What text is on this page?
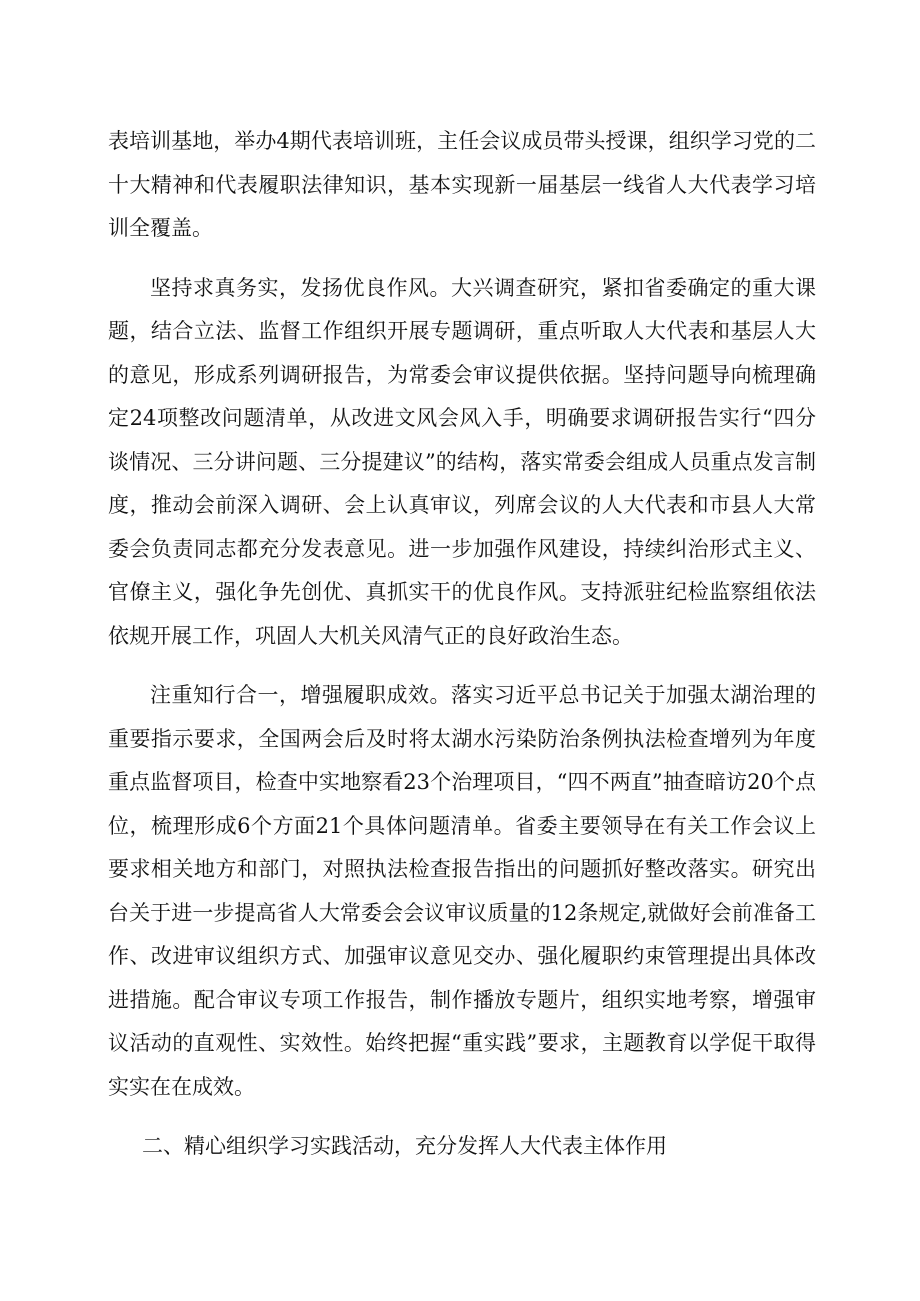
表培训基地，举办4期代表培训班，主任会议成员带头授课，组织学习党的二十大精神和代表履职法律知识，基本实现新一届基层一线省人大代表学习培训全覆盖。

坚持求真务实，发扬优良作风。大兴调查研究，紧扣省委确定的重大课题，结合立法、监督工作组织开展专题调研，重点听取人大代表和基层人大的意见，形成系列调研报告，为常委会审议提供依据。坚持问题导向梳理确定24项整改问题清单，从改进文风会风入手，明确要求调研报告实行“四分谈情况、三分讲问题、三分提建议”的结构，落实常委会组成人员重点发言制度，推动会前深入调研、会上认真审议，列席会议的人大代表和市县人大常委会负责同志都充分发表意见。进一步加强作风建设，持续纠治形式主义、官僚主义，强化争先创优、真抓实干的优良作风。支持派驻纪检监察组依法依规开展工作，巩固人大机关风清气正的良好政治生态。

注重知行合一，增强履职成效。落实习近平总书记关于加强太湖治理的重要指示要求，全国两会后及时将太湖水污染防治条例执法检查增列为年度重点监督项目，检查中实地察看23个治理项目，“四不两直”抽查暗访20个点位，梳理形成6个方面21个具体问题清单。省委主要领导在有关工作会议上要求相关地方和部门，对照执法检查报告指出的问题抓好整改落实。研究出台关于进一步提高省人大常委会会议审议质量的12条规定,就做好会前准备工作、改进审议组织方式、加强审议意见交办、强化履职约束管理提出具体改进措施。配合审议专项工作报告，制作播放专题片，组织实地考察，增强审议活动的直观性、实效性。始终把握“重实践”要求，主题教育以学促干取得实实在在成效。

二、精心组织学习实践活动，充分发挥人大代表主体作用
